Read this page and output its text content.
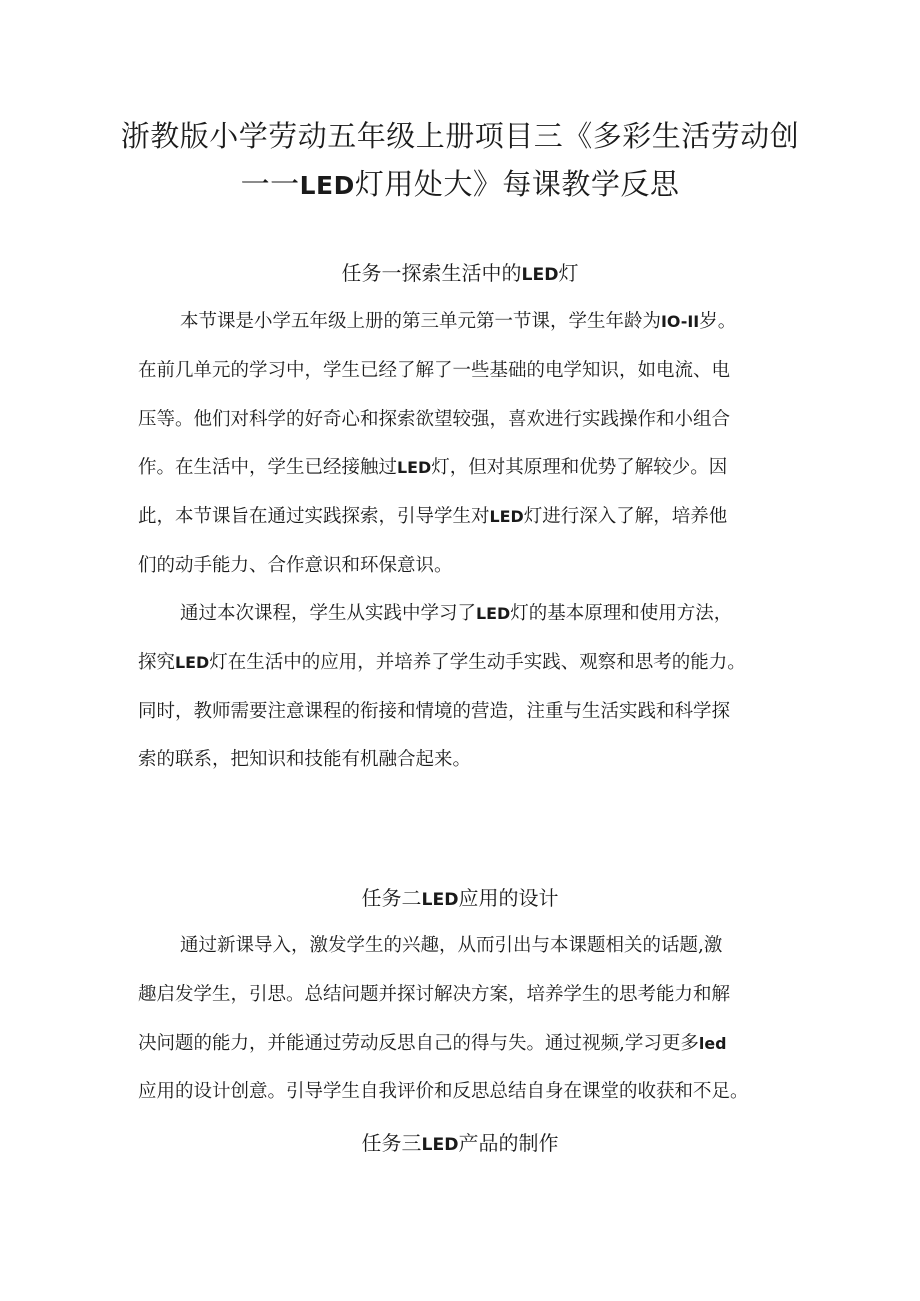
浙教版小学劳动五年级上册项目三《多彩生活劳动创
一一LED灯用处大》每课教学反思
任务一探索生活中的LED灯
本节课是小学五年级上册的第三单元第一节课，学生年龄为IO-II岁。
在前几单元的学习中，学生已经了解了一些基础的电学知识，如电流、电
压等。他们对科学的好奇心和探索欲望较强，喜欢进行实践操作和小组合
作。在生活中，学生已经接触过LED灯，但对其原理和优势了解较少。因
此，本节课旨在通过实践探索，引导学生对LED灯进行深入了解，培养他
们的动手能力、合作意识和环保意识。
通过本次课程，学生从实践中学习了LED灯的基本原理和使用方法，
探究LED灯在生活中的应用，并培养了学生动手实践、观察和思考的能力。
同时，教师需要注意课程的衔接和情境的营造，注重与生活实践和科学探
索的联系，把知识和技能有机融合起来。
任务二LED应用的设计
通过新课导入，激发学生的兴趣，从而引出与本课题相关的话题,激
趣启发学生，引思。总结问题并探讨解决方案，培养学生的思考能力和解
决问题的能力，并能通过劳动反思自己的得与失。通过视频,学习更多led
应用的设计创意。引导学生自我评价和反思总结自身在课堂的收获和不足。
任务三LED产品的制作
